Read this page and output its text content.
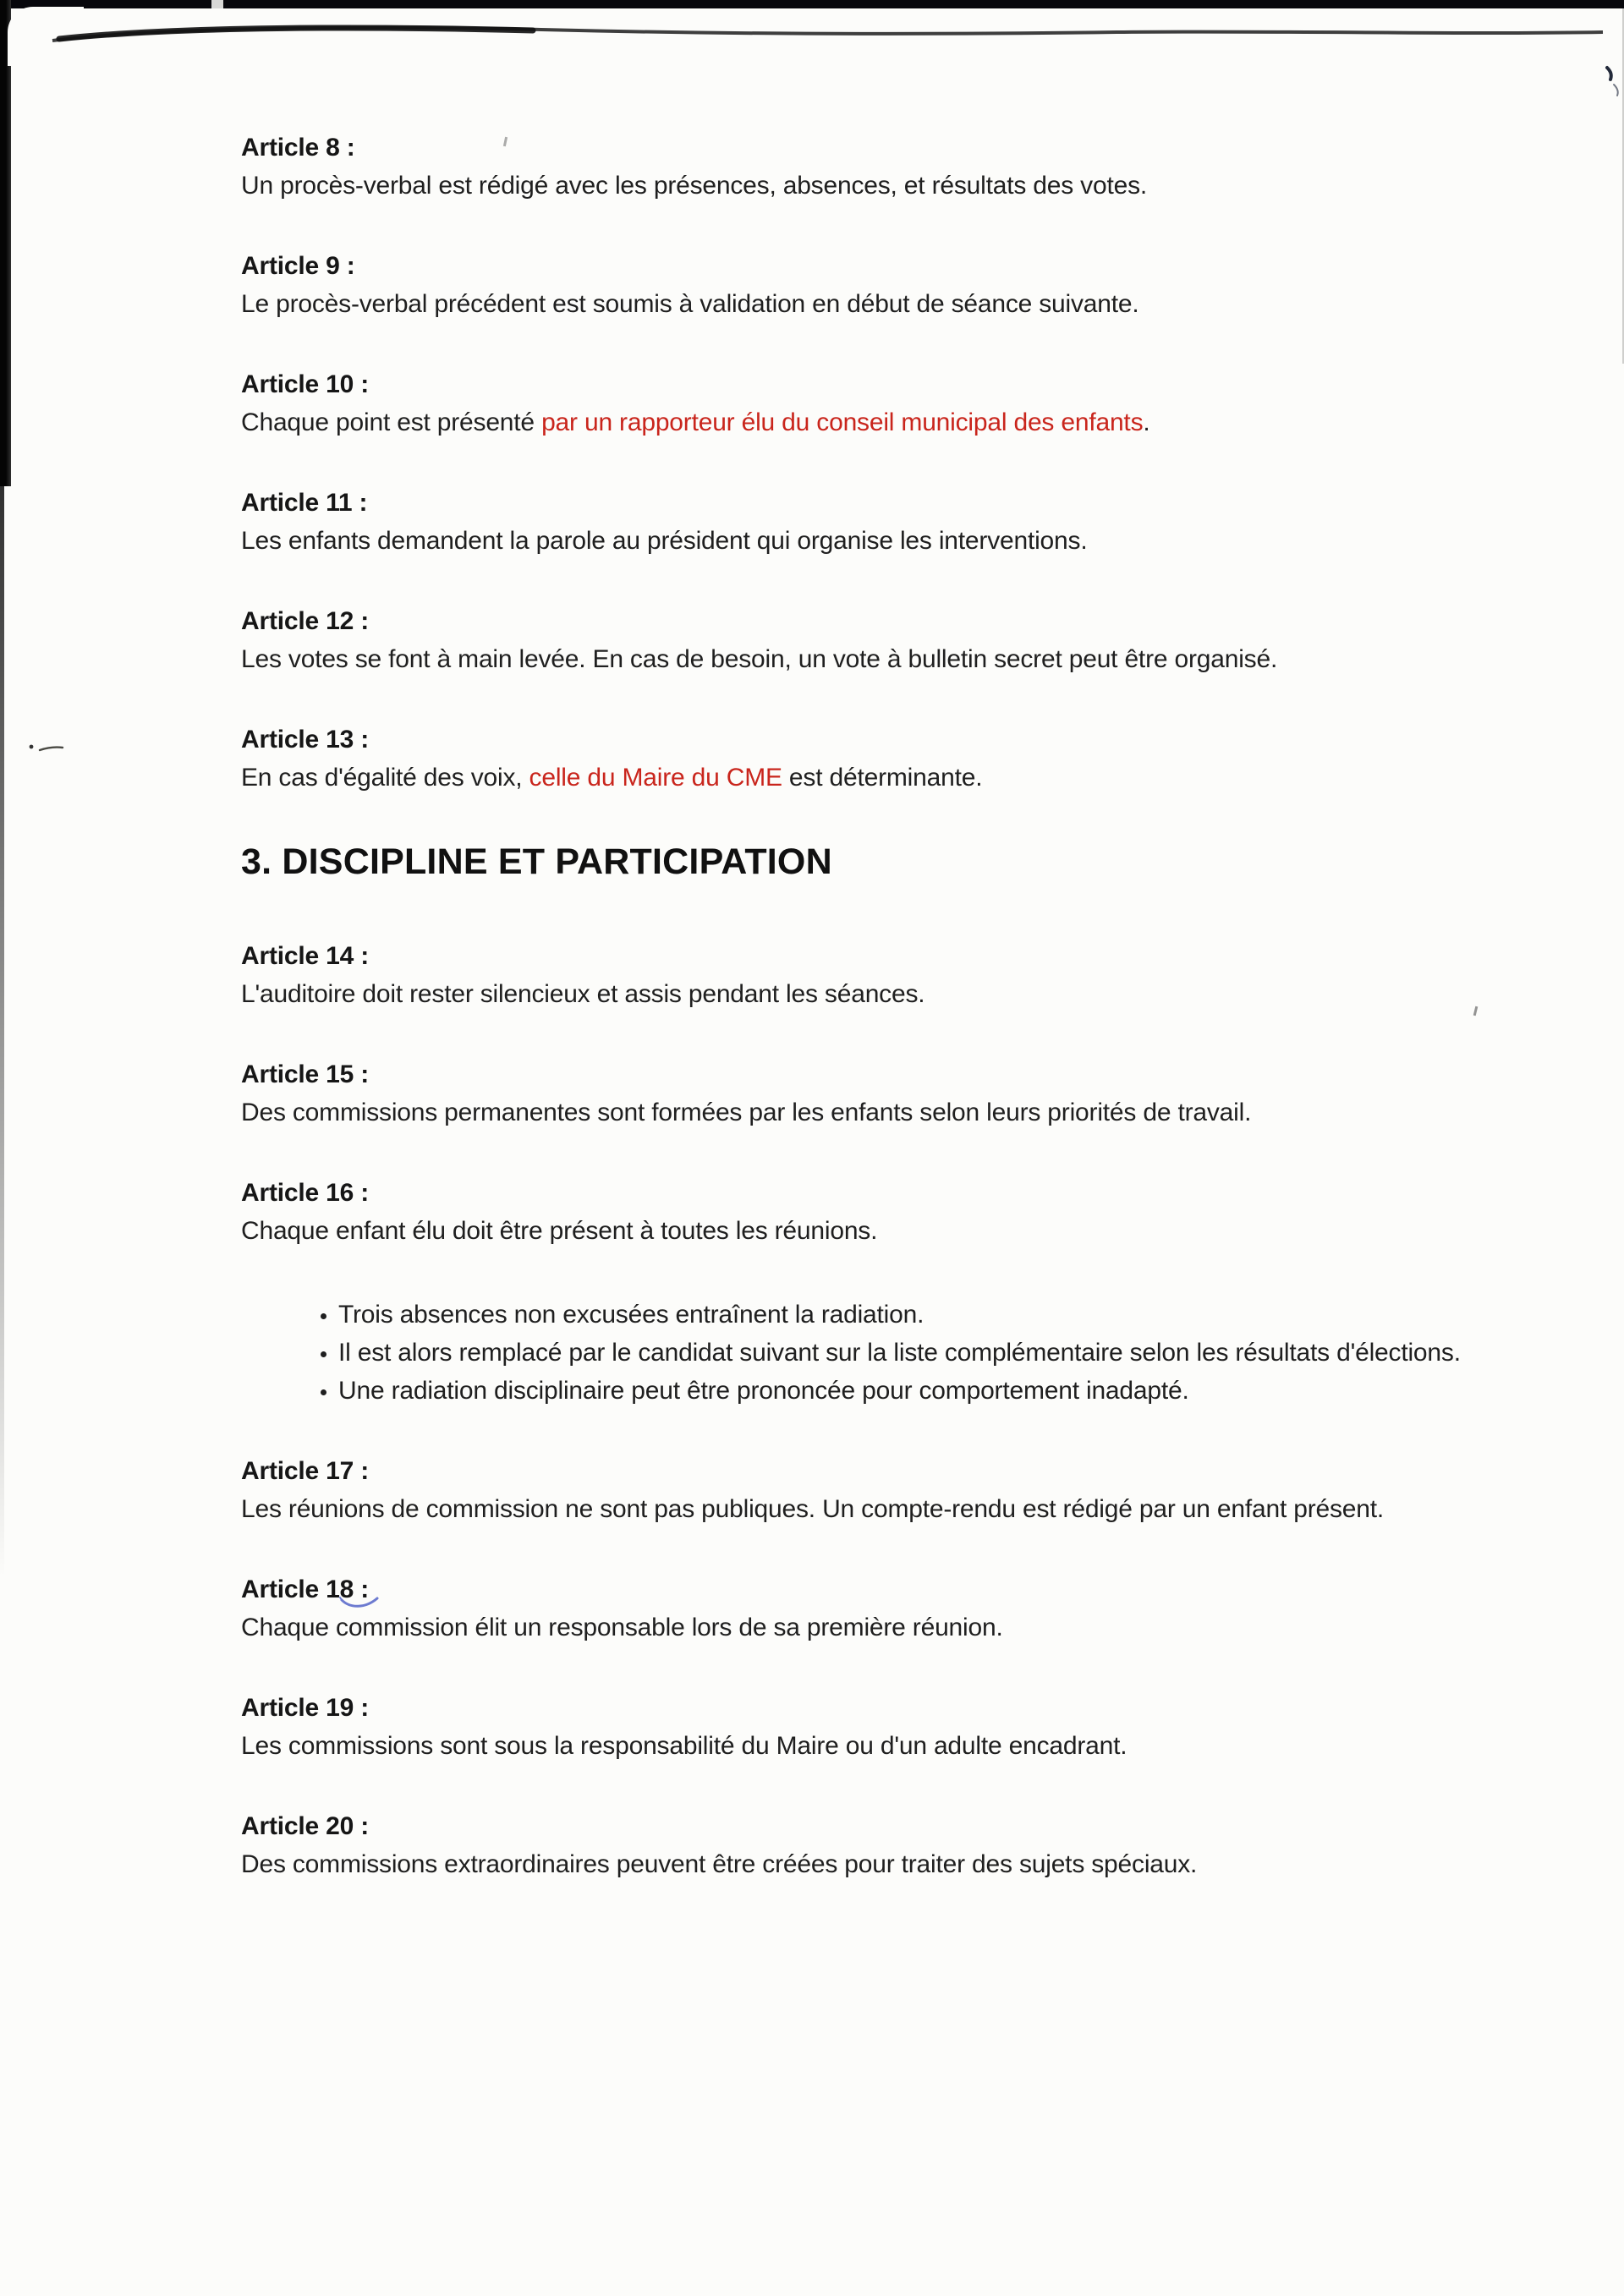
Article 8 :

Un procès-verbal est rédigé avec les présences, absences, et résultats des votes.

Article 9 :

Le procès-verbal précédent est soumis à validation en début de séance suivante.

Article 10 :

Chaque point est présenté par un rapporteur élu du conseil municipal des enfants.

Article 11 :

Les enfants demandent la parole au président qui organise les interventions.

Article 12 :

Les votes se font à main levée. En cas de besoin, un vote à bulletin secret peut être organisé.

Article 13 :

En cas d'égalité des voix, celle du Maire du CME est déterminante.

3. DISCIPLINE ET PARTICIPATION
Article 14 :

L'auditoire doit rester silencieux et assis pendant les séances.

Article 15 :

Des commissions permanentes sont formées par les enfants selon leurs priorités de travail.

Article 16 :

Chaque enfant élu doit être présent à toutes les réunions.

• Trois absences non excusées entraînent la radiation.
• Il est alors remplacé par le candidat suivant sur la liste complémentaire selon les résultats d'élections.
• Une radiation disciplinaire peut être prononcée pour comportement inadapté.
Article 17 :

Les réunions de commission ne sont pas publiques. Un compte-rendu est rédigé par un enfant présent.

Article 18 :

Chaque commission élit un responsable lors de sa première réunion.

Article 19 :

Les commissions sont sous la responsabilité du Maire ou d'un adulte encadrant.

Article 20 :

Des commissions extraordinaires peuvent être créées pour traiter des sujets spéciaux.
